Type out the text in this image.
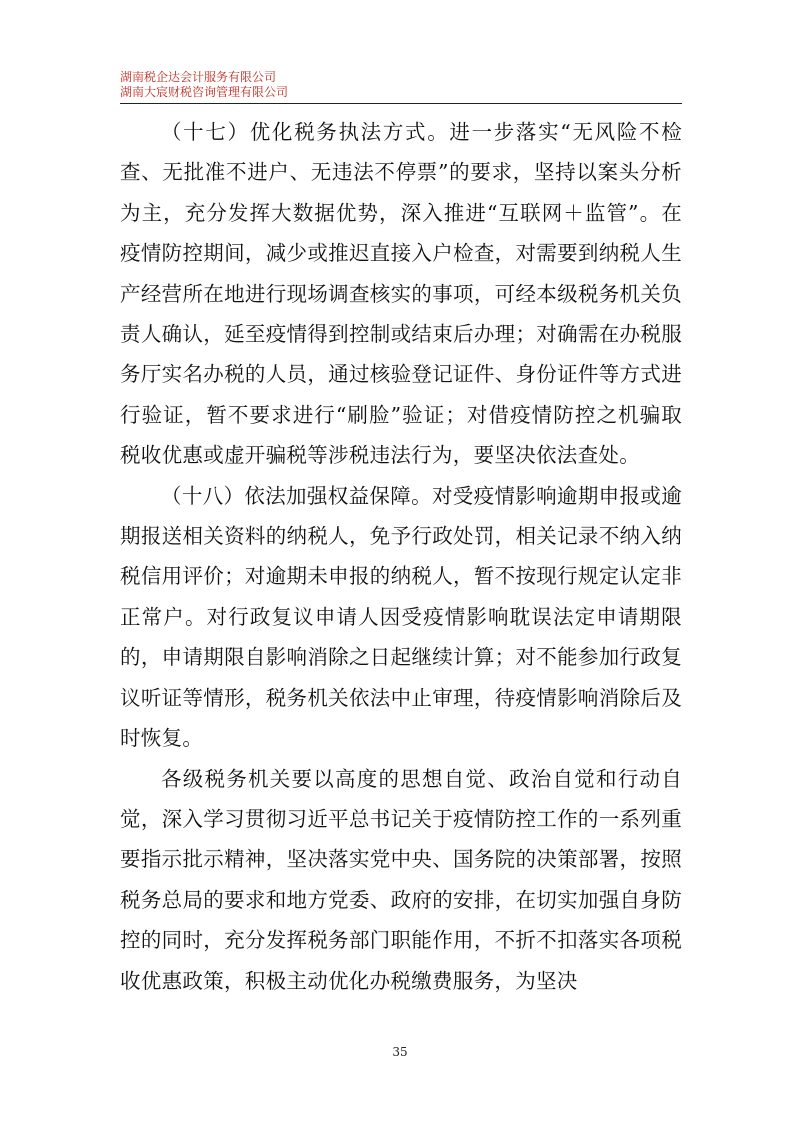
湖南税企达会计服务有限公司
湖南大宸财税咨询管理有限公司

（十七）优化税务执法方式。进一步落实“无风险不检查、无批准不进户、无违法不停票”的要求，坚持以案头分析为主，充分发挥大数据优势，深入推进“互联网＋监管”。在疫情防控期间，减少或推迟直接入户检查，对需要到纳税人生产经营所在地进行现场调查核实的事项，可经本级税务机关负责人确认，延至疫情得到控制或结束后办理；对确需在办税服务厅实名办税的人员，通过核验登记证件、身份证件等方式进行验证，暂不要求进行“刷脸”验证；对借疫情防控之机骗取税收优惠或虚开骗税等涉税违法行为，要坚决依法查处。

（十八）依法加强权益保障。对受疫情影响逾期申报或逾期报送相关资料的纳税人，免予行政处罚，相关记录不纳入纳税信用评价；对逾期未申报的纳税人，暂不按现行规定认定非正常户。对行政复议申请人因受疫情影响耽误法定申请期限的，申请期限自影响消除之日起继续计算；对不能参加行政复议听证等情形，税务机关依法中止审理，待疫情影响消除后及时恢复。

各级税务机关要以高度的思想自觉、政治自觉和行动自觉，深入学习贯彻习近平总书记关于疫情防控工作的一系列重要指示批示精神，坚决落实党中央、国务院的决策部署，按照税务总局的要求和地方党委、政府的安排，在切实加强自身防控的同时，充分发挥税务部门职能作用，不折不扣落实各项税收优惠政策，积极主动优化办税缴费服务，为坚决

35
